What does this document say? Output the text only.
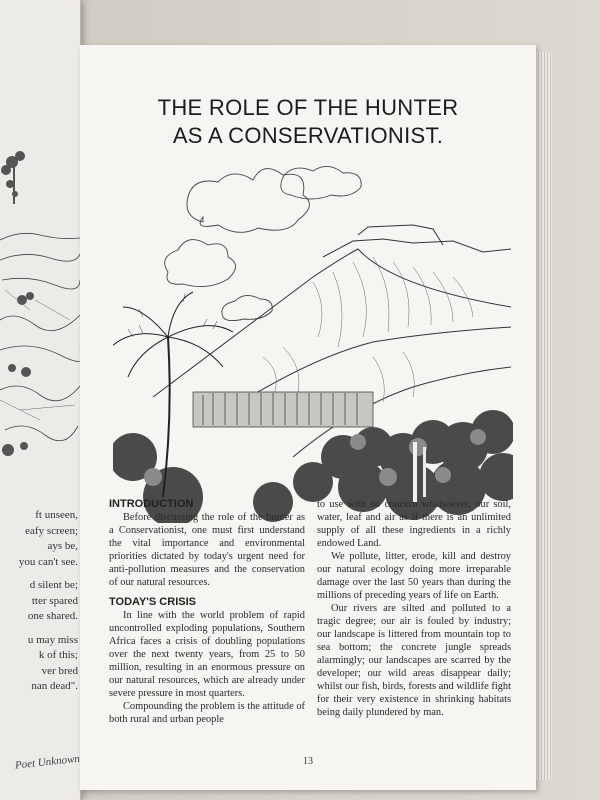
ft unseen,
eafy screen;
ays be,
you can't see.
d silent be;
tter spared
one shared.
u may miss
k of this;
ver bred
nan dead".
Poet Unknown
THE ROLE OF THE HUNTER
AS A CONSERVATIONIST.
INTRODUCTION

Before discussing the role of the hunter as a Conservationist, one must first understand the vital importance and environmental priorities dictated by today's urgent need for anti-pollution measures and the conservation of our natural resources.

TODAY'S CRISIS

In line with the world problem of rapid uncontrolled exploding populations, Southern Africa faces a crisis of doubling populations over the next twenty years, from 25 to 50 million, resulting in an enormous pressure on our natural resources, which are already under severe pressure in most quarters.

Compounding the problem is the attitude of both rural and urban people

to use with no concern whatsoever, our soil, water, leaf and air as if there is an unlimited supply of all these ingredients in a richly endowed Land.

We pollute, litter, erode, kill and destroy our natural ecology doing more irreparable damage over the last 50 years than during the millions of preceding years of life on Earth.

Our rivers are silted and polluted to a tragic degree; our air is fouled by industry; our landscape is littered from mountain top to sea bottom; the concrete jungle spreads alarmingly; our landscapes are scarred by the developer; our wild areas disappear daily; whilst our fish, birds, forests and wildlife fight for their very existence in shrinking habitats being daily plundered by man.

13
